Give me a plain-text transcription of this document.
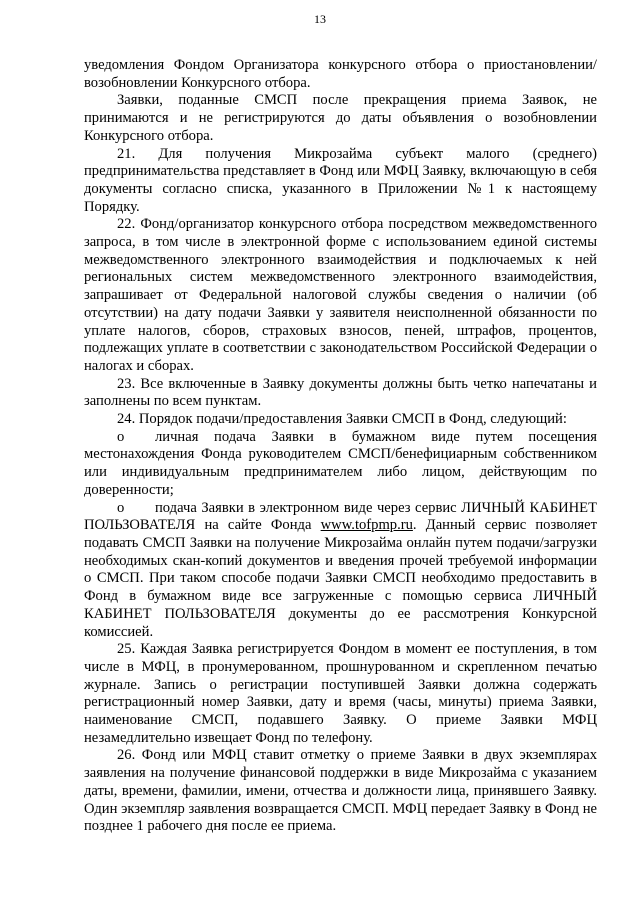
13

уведомления Фондом Организатора конкурсного отбора о приостановлении/возобновлении Конкурсного отбора.

Заявки, поданные СМСП после прекращения приема Заявок, не принимаются и не регистрируются до даты объявления о возобновлении Конкурсного отбора.

21. Для получения Микрозайма субъект малого (среднего) предпринимательства представляет в Фонд или МФЦ Заявку, включающую в себя документы согласно списка, указанного в Приложении №1 к настоящему Порядку.

22. Фонд/организатор конкурсного отбора посредством межведомственного запроса, в том числе в электронной форме с использованием единой системы межведомственного электронного взаимодействия и подключаемых к ней региональных систем межведомственного электронного взаимодействия, запрашивает от Федеральной налоговой службы сведения о наличии (об отсутствии) на дату подачи Заявки у заявителя неисполненной обязанности по уплате налогов, сборов, страховых взносов, пеней, штрафов, процентов, подлежащих уплате в соответствии с законодательством Российской Федерации о налогах и сборах.

23. Все включенные в Заявку документы должны быть четко напечатаны и заполнены по всем пунктам.

24. Порядок подачи/предоставления Заявки СМСП в Фонд, следующий:

o личная подача Заявки в бумажном виде путем посещения местонахождения Фонда руководителем СМСП/бенефициарным собственником или индивидуальным предпринимателем либо лицом, действующим по доверенности;

o подача Заявки в электронном виде через сервис ЛИЧНЫЙ КАБИНЕТ ПОЛЬЗОВАТЕЛЯ на сайте Фонда www.tofpmp.ru. Данный сервис позволяет подавать СМСП Заявки на получение Микрозайма онлайн путем подачи/загрузки необходимых скан-копий документов и введения прочей требуемой информации о СМСП. При таком способе подачи Заявки СМСП необходимо предоставить в Фонд в бумажном виде все загруженные с помощью сервиса ЛИЧНЫЙ КАБИНЕТ ПОЛЬЗОВАТЕЛЯ документы до ее рассмотрения Конкурсной комиссией.

25. Каждая Заявка регистрируется Фондом в момент ее поступления, в том числе в МФЦ, в пронумерованном, прошнурованном и скрепленном печатью журнале. Запись о регистрации поступившей Заявки должна содержать регистрационный номер Заявки, дату и время (часы, минуты) приема Заявки, наименование СМСП, подавшего Заявку. О приеме Заявки МФЦ незамедлительно извещает Фонд по телефону.

26. Фонд или МФЦ ставит отметку о приеме Заявки в двух экземплярах заявления на получение финансовой поддержки в виде Микрозайма с указанием даты, времени, фамилии, имени, отчества и должности лица, принявшего Заявку. Один экземпляр заявления возвращается СМСП. МФЦ передает Заявку в Фонд не позднее 1 рабочего дня после ее приема.
